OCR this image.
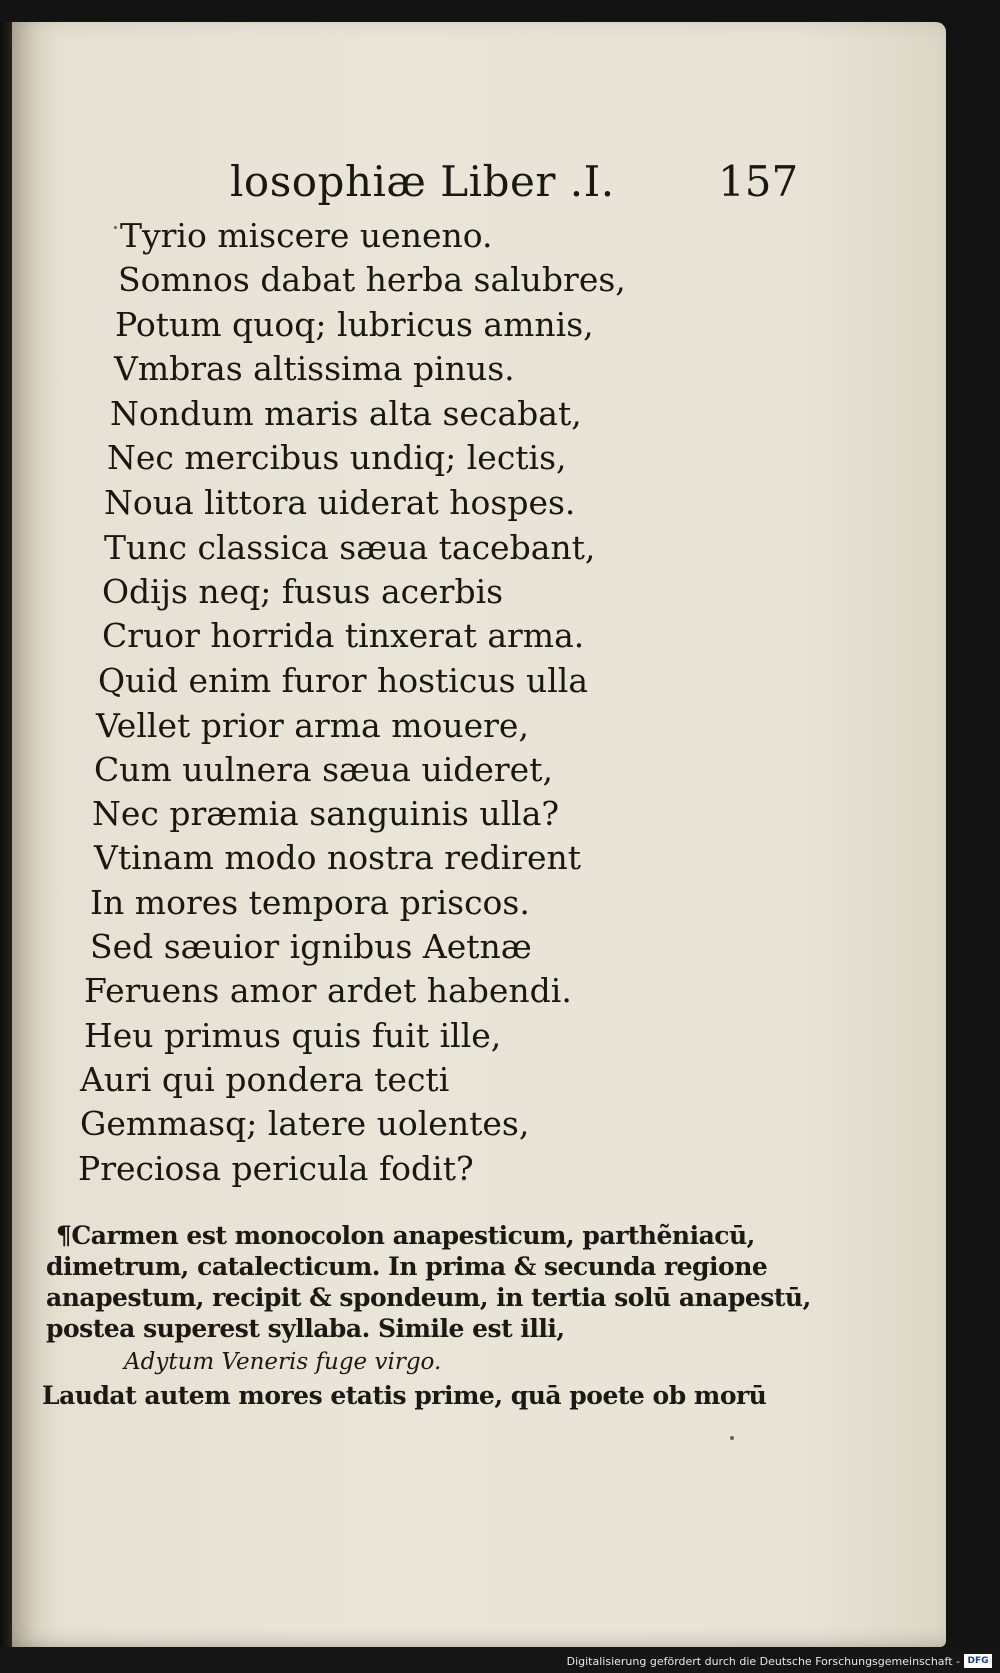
losophiæ Liber .I. 157
Tyrio miscere ueneno.
Somnos dabat herba salubres,
Potum quoq; lubricus amnis,
Vmbras altissima pinus.
Nondum maris alta secabat,
Nec mercibus undiq; lectis,
Noua littora uiderat hospes.
Tunc classica sæua tacebant,
Odijs neq; fusus acerbis
Cruor horrida tinxerat arma.
Quid enim furor hosticus ulla
Vellet prior arma mouere,
Cum uulnera sæua uideret,
Nec præmia sanguinis ulla?
Vtinam modo nostra redirent
In mores tempora priscos.
Sed sæuior ignibus Aetnæ
Feruens amor ardet habendi.
Heu primus quis fuit ille,
Auri qui pondera tecti
Gemmasq; latere uolentes,
Preciosa pericula fodit?
¶Carmen est monocolon anapesticum, parthẽniacū,
dimetrum, catalecticum. In prima & secunda regione
anapestum, recipit & spondeum, in tertia solū anapestū,
postea superest syllaba. Simile est illi,
Adytum Veneris fuge virgo.
Laudat autem mores etatis prime, quā poete ob morū
Digitalisierung gefördert durch die Deutsche Forschungsgemeinschaft - DFG
